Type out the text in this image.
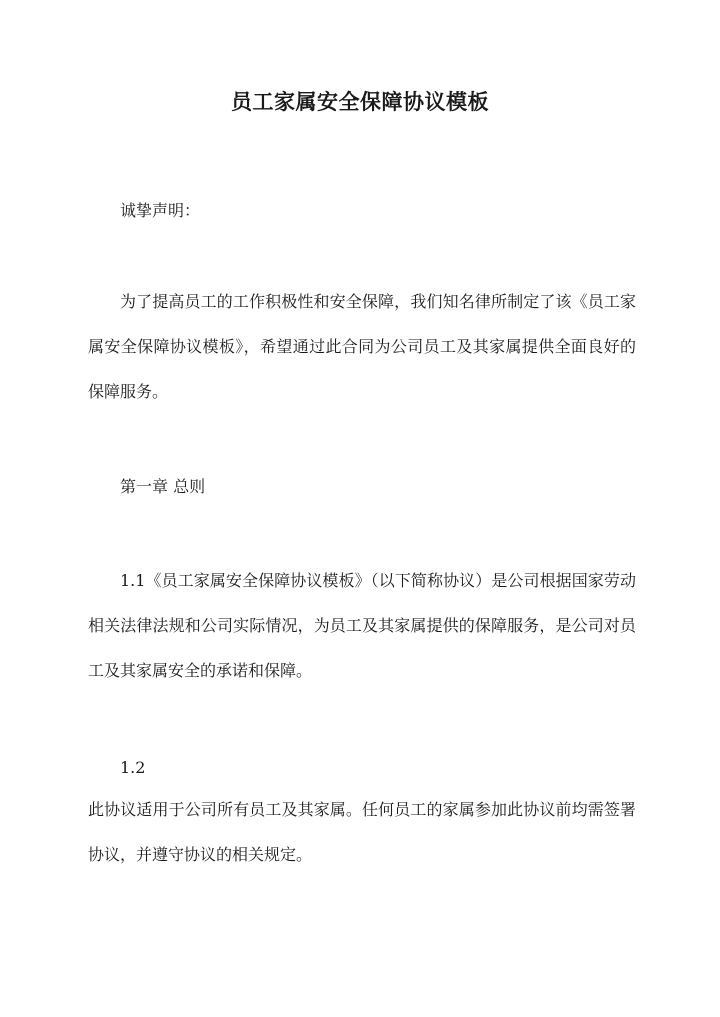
员工家属安全保障协议模板

诚挚声明：

为了提高员工的工作积极性和安全保障，我们知名律所制定了该《员工家属安全保障协议模板》，希望通过此合同为公司员工及其家属提供全面良好的保障服务。

第一章 总则

1.1《员工家属安全保障协议模板》（以下简称协议）是公司根据国家劳动相关法律法规和公司实际情况，为员工及其家属提供的保障服务，是公司对员工及其家属安全的承诺和保障。

1.2

此协议适用于公司所有员工及其家属。任何员工的家属参加此协议前均需签署协议，并遵守协议的相关规定。
